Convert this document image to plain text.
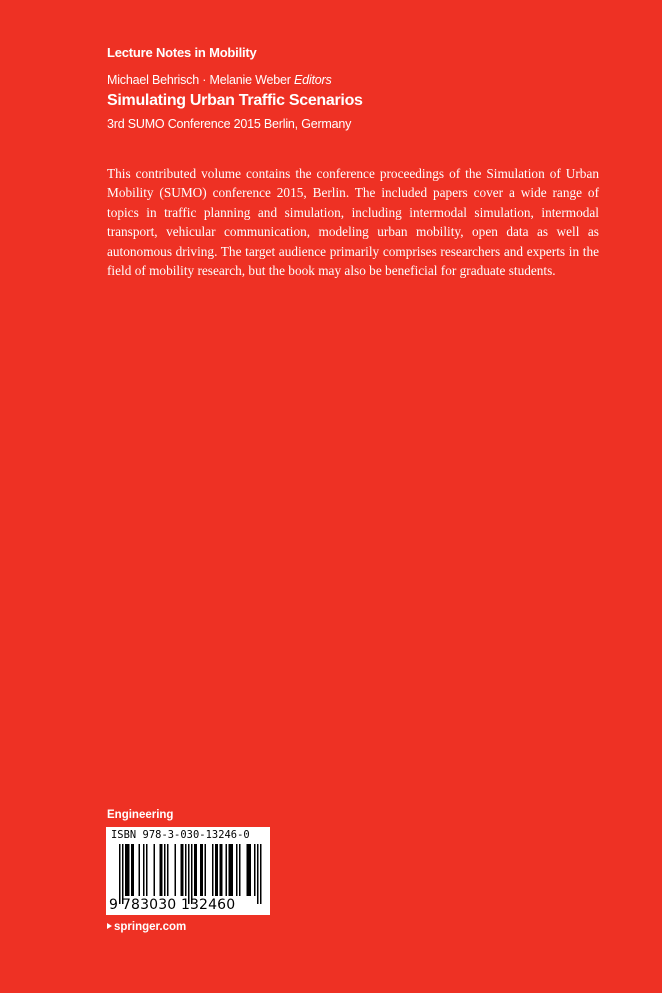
Lecture Notes in Mobility
Michael Behrisch · Melanie Weber Editors
Simulating Urban Traffic Scenarios
3rd SUMO Conference 2015 Berlin, Germany

This contributed volume contains the conference proceedings of the Simulation of Urban Mobility (SUMO) conference 2015, Berlin. The included papers cover a wide range of topics in traffic planning and simulation, including intermodal simulation, intermodal transport, vehicular communication, modeling urban mobility, open data as well as autonomous driving. The target audience primarily comprises researchers and experts in the field of mobility research, but the book may also be beneficial for graduate students.

Engineering
ISBN 978-3-030-13246-0
9 783030 132460
springer.com
